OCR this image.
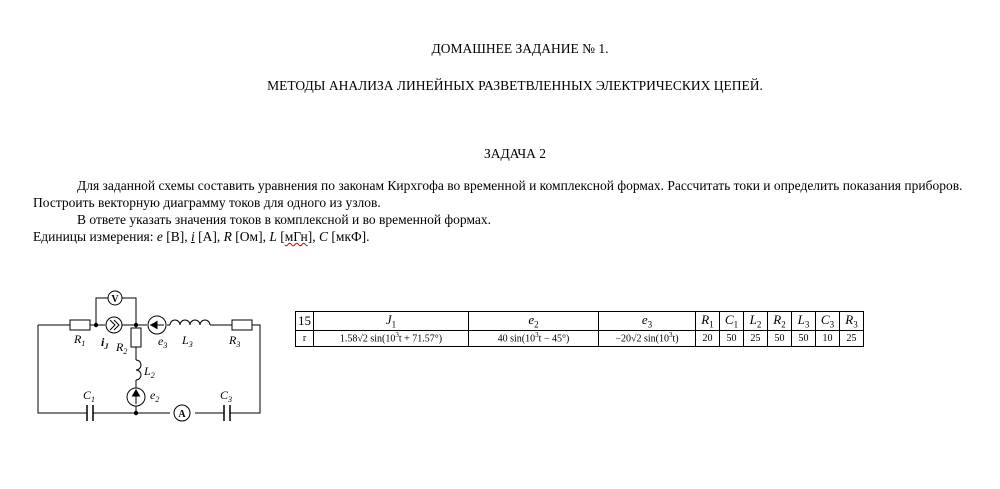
ДОМАШНЕЕ ЗАДАНИЕ № 1.
МЕТОДЫ АНАЛИЗА ЛИНЕЙНЫХ РАЗВЕТВЛЕННЫХ ЭЛЕКТРИЧЕСКИХ ЦЕПЕЙ.
ЗАДАЧА 2
Для заданной схемы составить уравнения по законам Кирхгофа во временной и комплексной формах. Рассчитать токи и определить показания приборов. Построить векторную диаграмму токов для одного из узлов.
В ответе указать значения токов в комплексной и во временной формах.
Единицы измерения: e [В], i [А], R [Ом], L [мГн], C [мкФ].
V
A
$R_1$ $i_J$ $R_2$
$e_3$ $L_3$	$R_3$
$L_2$
$e_2$
$C_1$	$C_3$
15	$J_1$	$e_2$	$e_3$	$R_1$	$C_1$	$L_2$	$R_2$	$L_3$	$C_3$	$R_3$
r	1.58√2 $\sin(10^3t + 71.57^\circ)$	40 $\sin(10^3t - 45^\circ)$	−20√2 $\sin(10^3t)$	20	50	25	50	50	10	25
